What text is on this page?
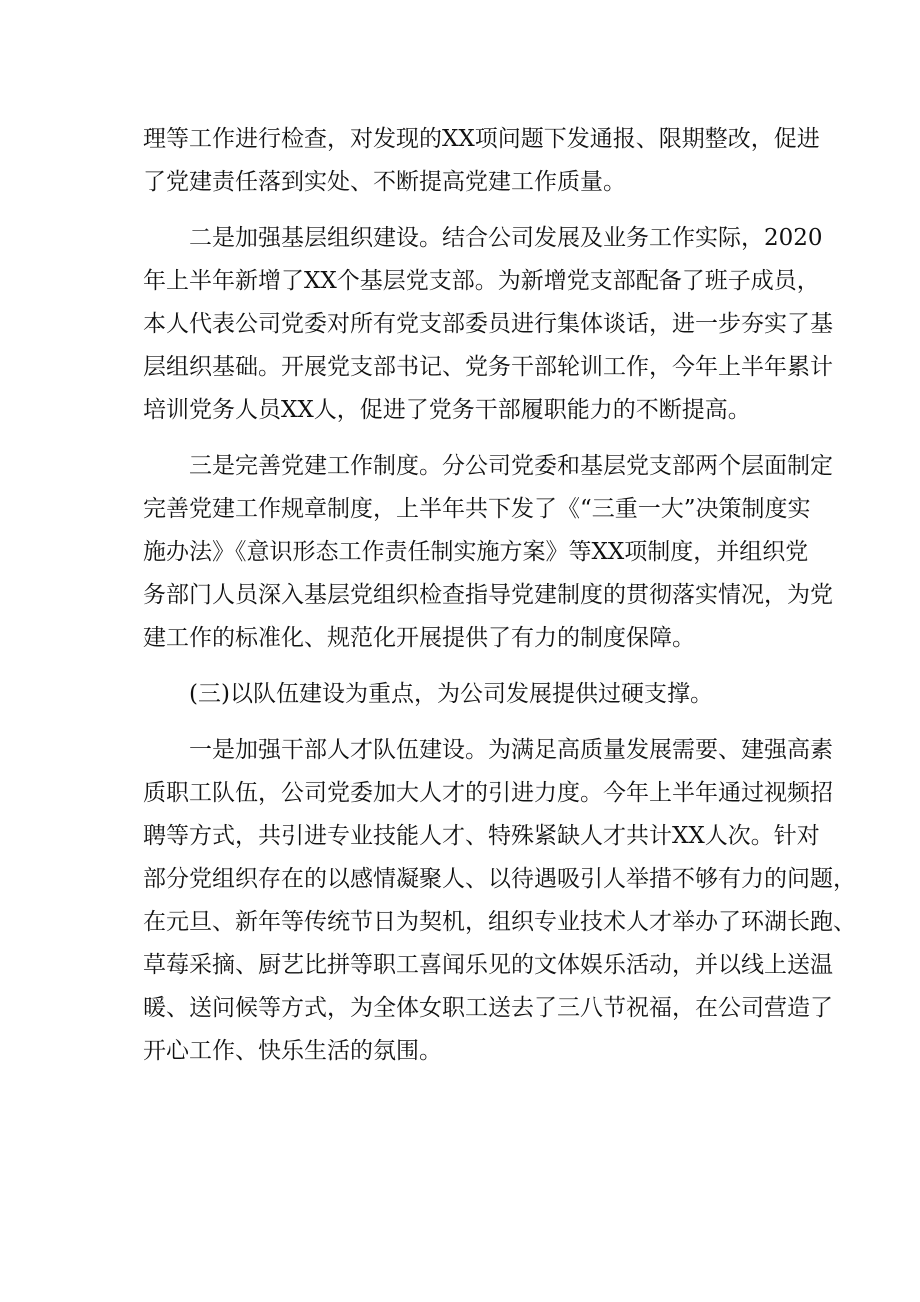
理等工作进行检查，对发现的XX项问题下发通报、限期整改，促进
了党建责任落到实处、不断提高党建工作质量。

二是加强基层组织建设。结合公司发展及业务工作实际，2020
年上半年新增了XX个基层党支部。为新增党支部配备了班子成员，
本人代表公司党委对所有党支部委员进行集体谈话，进一步夯实了基
层组织基础。开展党支部书记、党务干部轮训工作，今年上半年累计
培训党务人员XX人，促进了党务干部履职能力的不断提高。

三是完善党建工作制度。分公司党委和基层党支部两个层面制定
完善党建工作规章制度，上半年共下发了《“三重一大”决策制度实
施办法》《意识形态工作责任制实施方案》等XX项制度，并组织党
务部门人员深入基层党组织检查指导党建制度的贯彻落实情况，为党
建工作的标准化、规范化开展提供了有力的制度保障。

(三)以队伍建设为重点，为公司发展提供过硬支撑。

一是加强干部人才队伍建设。为满足高质量发展需要、建强高素
质职工队伍，公司党委加大人才的引进力度。今年上半年通过视频招
聘等方式，共引进专业技能人才、特殊紧缺人才共计XX人次。针对
部分党组织存在的以感情凝聚人、以待遇吸引人举措不够有力的问题，
在元旦、新年等传统节日为契机，组织专业技术人才举办了环湖长跑、
草莓采摘、厨艺比拼等职工喜闻乐见的文体娱乐活动，并以线上送温
暖、送问候等方式，为全体女职工送去了三八节祝福，在公司营造了
开心工作、快乐生活的氛围。
